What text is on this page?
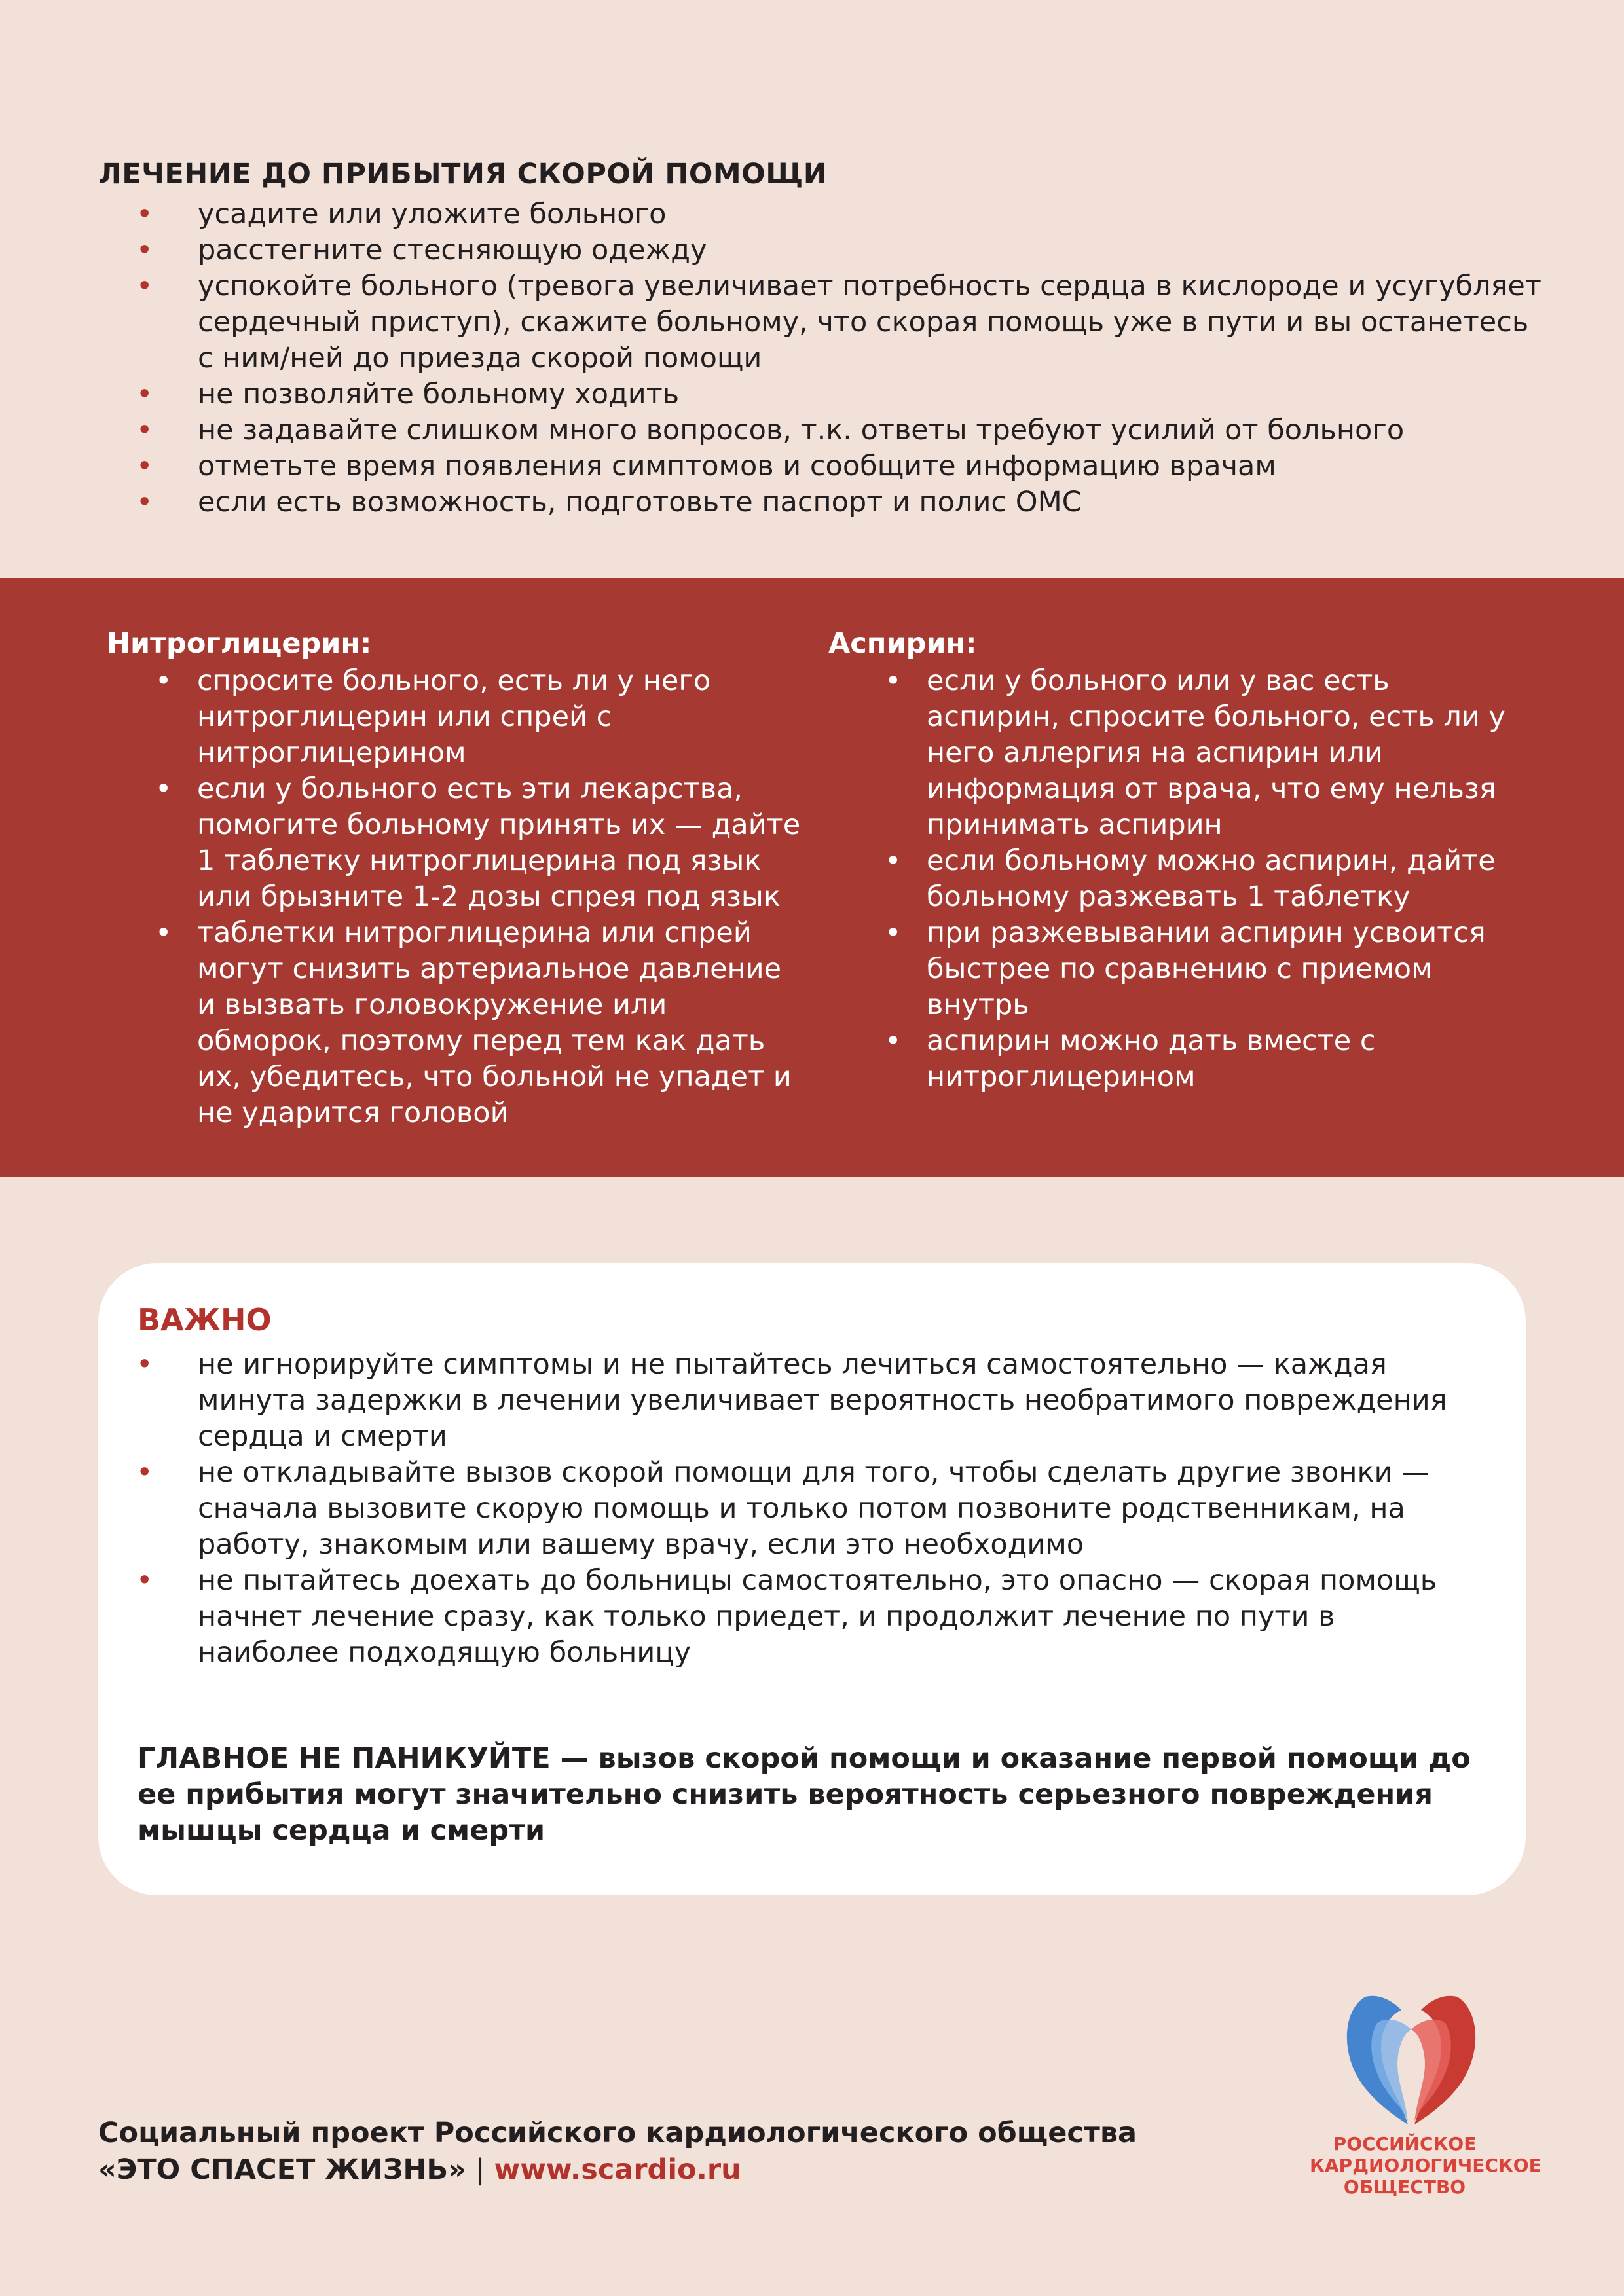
ЛЕЧЕНИЕ ДО ПРИБЫТИЯ СКОРОЙ ПОМОЩИ
• усадите или уложите больного
• расстегните стесняющую одежду
• успокойте больного (тревога увеличивает потребность сердца в кислороде и усугубляет сердечный приступ), скажите больному, что скорая помощь уже в пути и вы останетесь с ним/ней до приезда скорой помощи
• не позволяйте больному ходить
• не задавайте слишком много вопросов, т.к. ответы требуют усилий от больного
• отметьте время появления симптомов и сообщите информацию врачам
• если есть возможность, подготовьте паспорт и полис ОМС
Нитроглицерин:
• спросите больного, есть ли у него нитроглицерин или спрей с нитроглицерином
• если у больного есть эти лекарства, помогите больному принять их — дайте 1 таблетку нитроглицерина под язык или брызните 1-2 дозы спрея под язык
• таблетки нитроглицерина или спрей могут снизить артериальное давление и вызвать головокружение или обморок, поэтому перед тем как дать их, убедитесь, что больной не упадет и не ударится головой
Аспирин:
• если у больного или у вас есть аспирин, спросите больного, есть ли у него аллергия на аспирин или информация от врача, что ему нельзя принимать аспирин
• если больному можно аспирин, дайте больному разжевать 1 таблетку
• при разжевывании аспирин усвоится быстрее по сравнению с приемом внутрь
• аспирин можно дать вместе с нитроглицерином
ВАЖНО
• не игнорируйте симптомы и не пытайтесь лечиться самостоятельно — каждая минута задержки в лечении увеличивает вероятность необратимого повреждения сердца и смерти
• не откладывайте вызов скорой помощи для того, чтобы сделать другие звонки — сначала вызовите скорую помощь и только потом позвоните родственникам, на работу, знакомым или вашему врачу, если это необходимо
• не пытайтесь доехать до больницы самостоятельно, это опасно — скорая помощь начнет лечение сразу, как только приедет, и продолжит лечение по пути в наиболее подходящую больницу
ГЛАВНОЕ НЕ ПАНИКУЙТЕ — вызов скорой помощи и оказание первой помощи до ее прибытия могут значительно снизить вероятность серьезного повреждения мышцы сердца и смерти
Социальный проект Российского кардиологического общества
«ЭТО СПАСЕТ ЖИЗНЬ» | www.scardio.ru
РОССИЙСКОЕ
КАРДИОЛОГИЧЕСКОЕ
ОБЩЕСТВО
